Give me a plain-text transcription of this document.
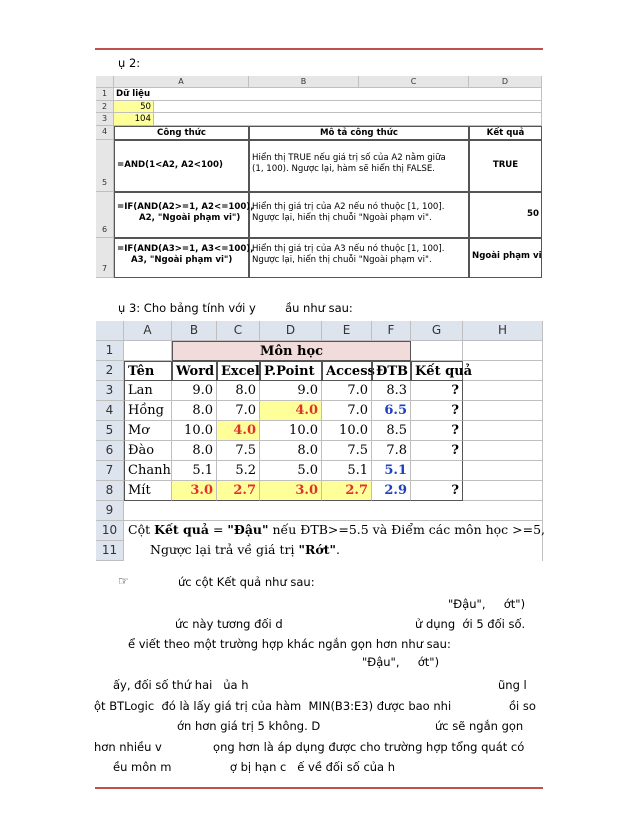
ụ 2:
A	B	C	D
1
2
3
4
5
6
7
Dữ liệu
50
104
Công thức	Mô tả công thức	Kết quả
=AND(1<A2, A2<100)
Hiển thị TRUE nếu giá trị số của A2 nằm giữa
(1, 100). Ngược lại, hàm sẽ hiển thị FALSE.	TRUE
=IF(AND(A2>=1, A2<=100),
A2, "Ngoài phạm vi")
Hiển thị giá trị của A2 nếu nó thuộc [1, 100].
Ngược lại, hiển thị chuỗi "Ngoài phạm vi".	50
=IF(AND(A3>=1, A3<=100),
A3, "Ngoài phạm vi")
Hiển thị giá trị của A3 nếu nó thuộc [1, 100].
Ngược lại, hiển thị chuỗi "Ngoài phạm vi".	Ngoài phạm vi
ụ 3: Cho bảng tính với y        ầu như sau:
A	B	C	D	E	F	G	H
1
2
3
4
5
6
7
8
9
10
11
Môn học
Tên	Word Excel P.Point Access ĐTB Kết quả
Lan	9.0	8.0	9.0	7.0	8.3	?
Hồng	8.0	7.0	4.0	7.0	6.5	?
Mơ	10.0	4.0	10.0	10.0	8.5	?
Đào	8.0	7.5	8.0	7.5	7.8	?
Chanh	5.1	5.2	5.0	5.1	5.1
Mít	3.0	2.7	3.0	2.7	2.9	?
Cột Kết quả = "Đậu" nếu ĐTB>=5.5 và Điểm các môn học >=5,
Ngược lại trả về giá trị "Rớt".
☞	ức cột Kết quả như sau:
"Đậu",     ớt")
ức này tương đối d	ử dụng  ới 5 đối số.
ể viết theo một trường hợp khác ngắn gọn hơn như sau:
"Đậu",     ớt")
ấy, đối số thứ hai   ủa h	ũng l
ột BTLogic  đó là lấy giá trị của hàm  MIN(B3:E3) được bao nhi	ồi so
ớn hơn giá trị 5 không. D	ức sẽ ngắn gọn
hơn nhiều v              ọng hơn là áp dụng được cho trường hợp tổng quát có
ều môn m                ợ bị hạn c   ế về đối số của h
